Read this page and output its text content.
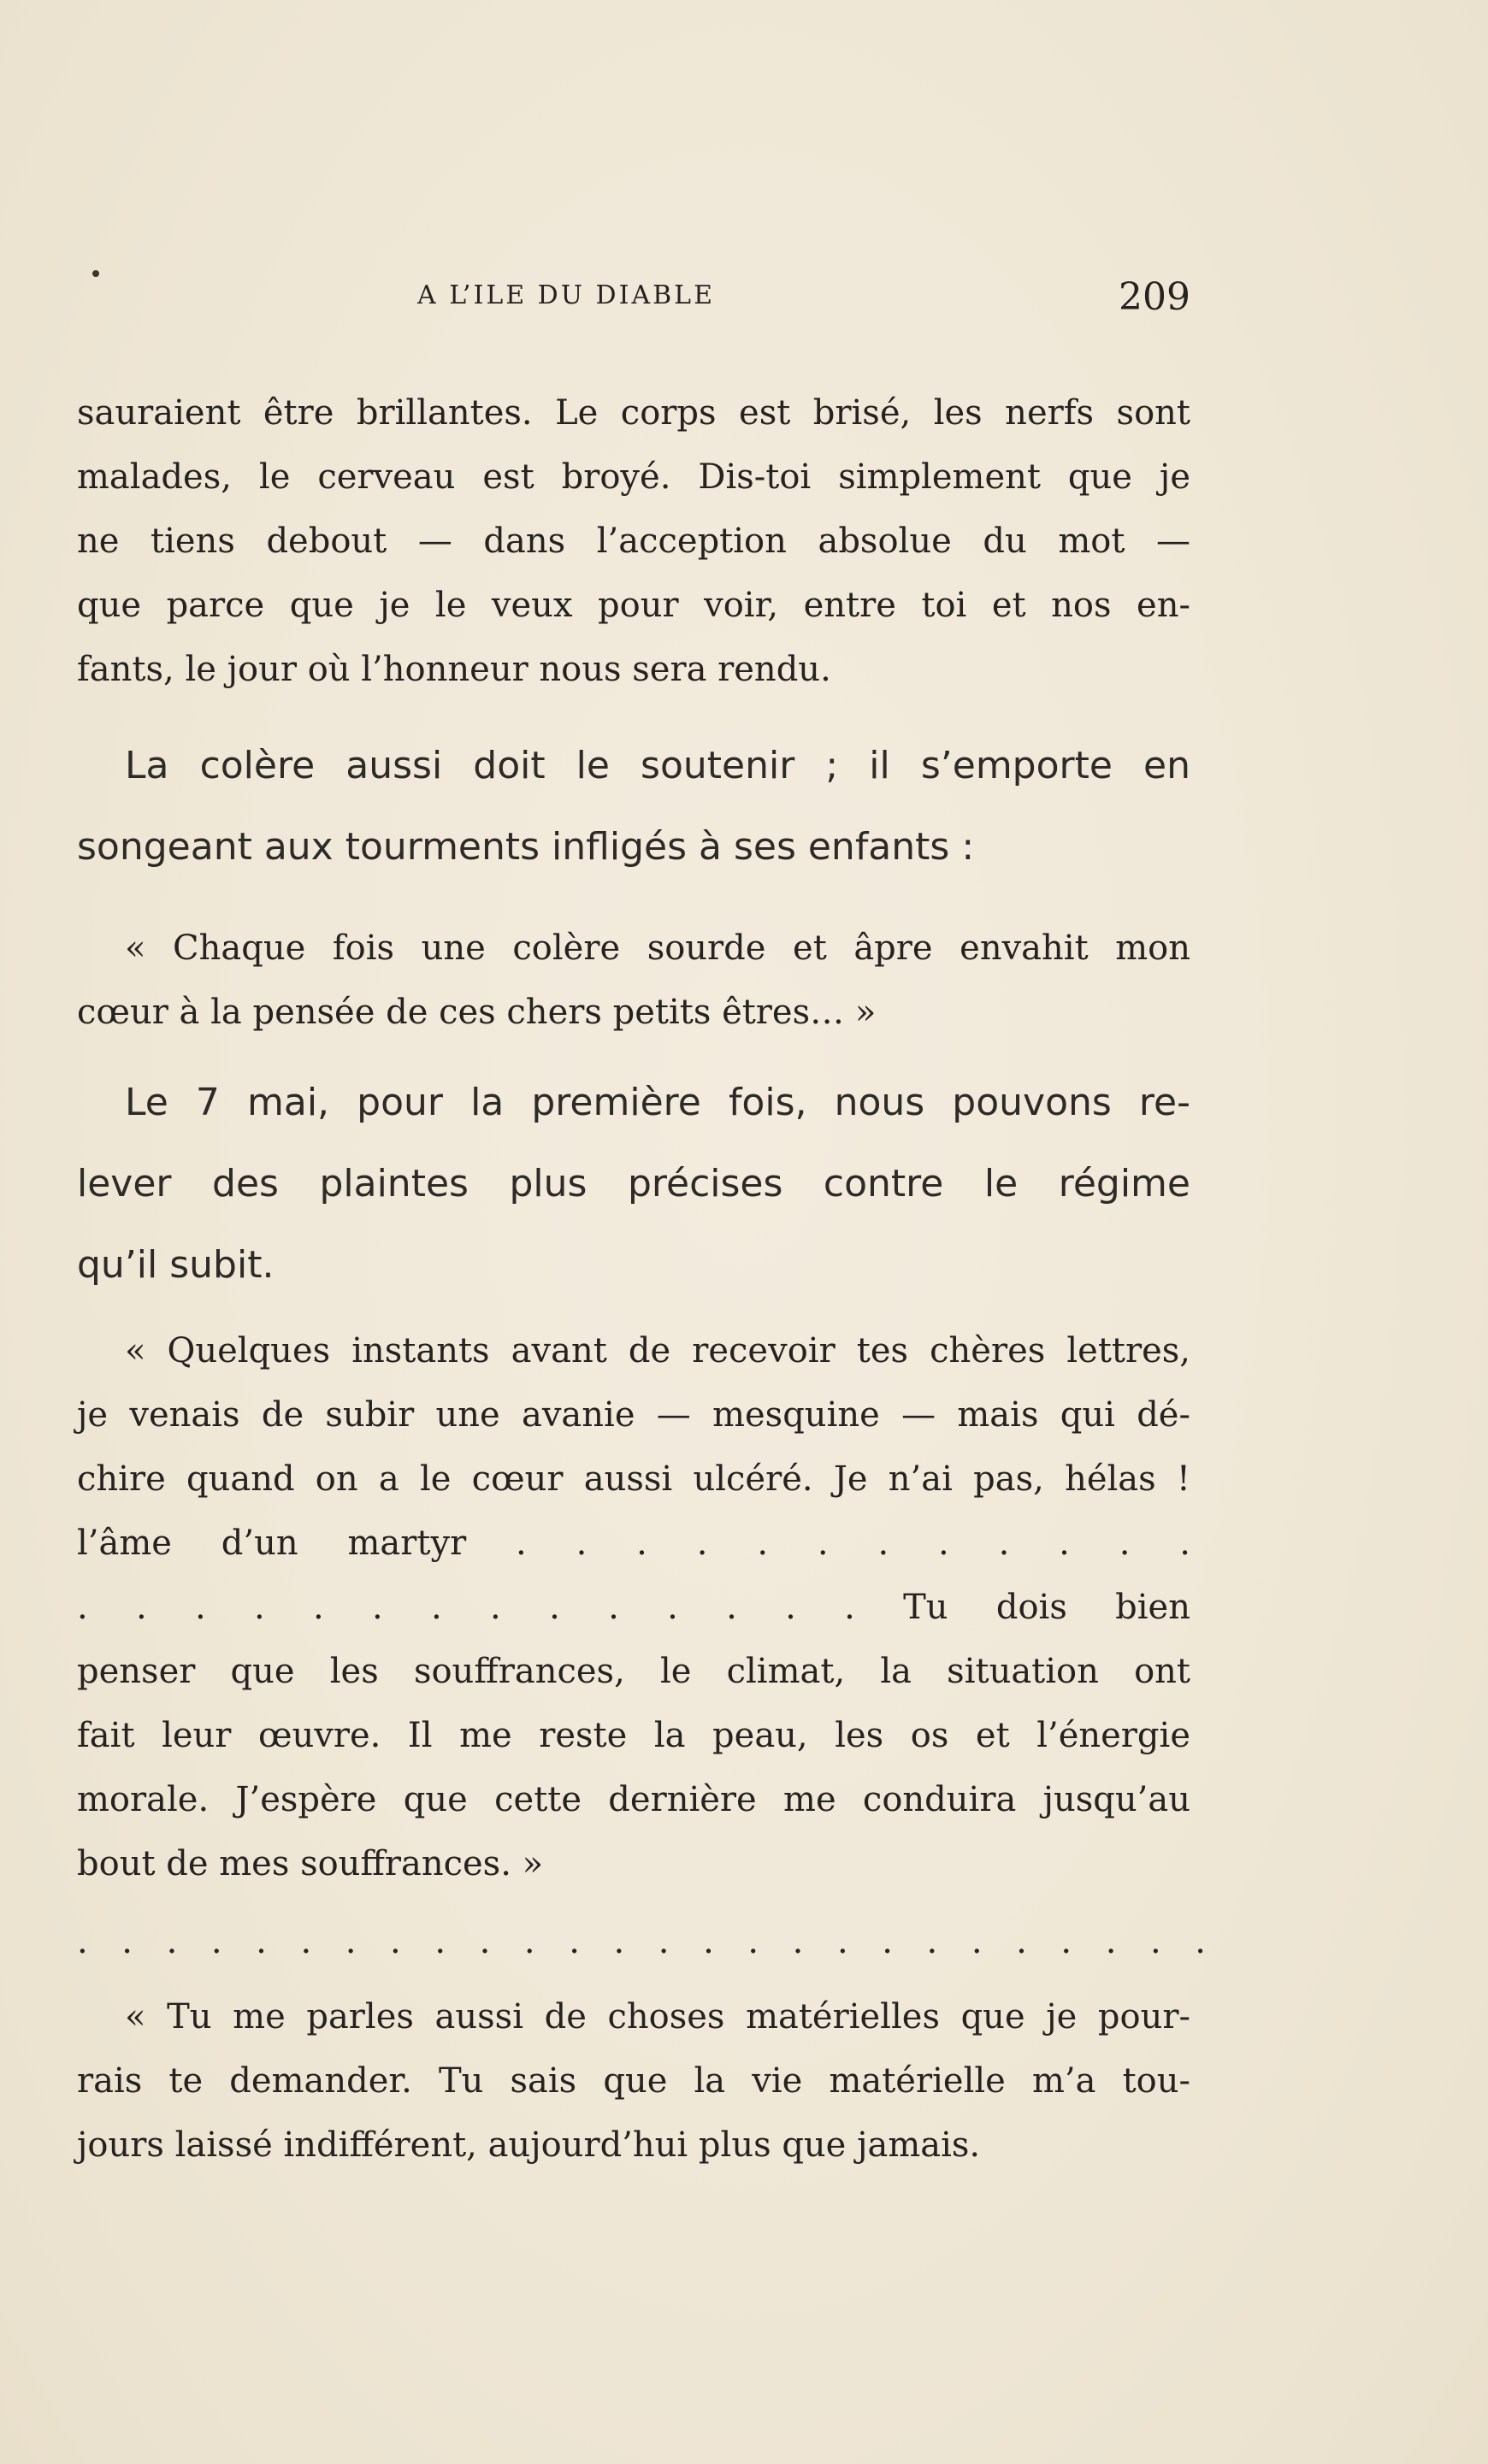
A L’ILE DU DIABLE	209
sauraient être brillantes. Le corps est brisé, les nerfs sont
malades, le cerveau est broyé. Dis-toi simplement que je
ne tiens debout — dans l’acception absolue du mot —
que parce que je le veux pour voir, entre toi et nos en-
fants, le jour où l’honneur nous sera rendu.
La colère aussi doit le soutenir ; il s’emporte en
songeant aux tourments infligés à ses enfants :
« Chaque fois une colère sourde et âpre envahit mon
cœur à la pensée de ces chers petits êtres… »
Le 7 mai, pour la première fois, nous pouvons re-
lever des plaintes plus précises contre le régime
qu’il subit.
« Quelques instants avant de recevoir tes chères lettres,
je venais de subir une avanie — mesquine — mais qui dé-
chire quand on a le cœur aussi ulcéré. Je n’ai pas, hélas !
l’âme d’un martyr . . . . . . . . . . . .
. . . . . . . . . . . . . . Tu dois bien
penser que les souffrances, le climat, la situation ont
fait leur œuvre. Il me reste la peau, les os et l’énergie
morale. J’espère que cette dernière me conduira jusqu’au
bout de mes souffrances. »
. . . . . . . . . . . . . . . . . . . . . . . . . .
« Tu me parles aussi de choses matérielles que je pour-
rais te demander. Tu sais que la vie matérielle m’a tou-
jours laissé indifférent, aujourd’hui plus que jamais.
